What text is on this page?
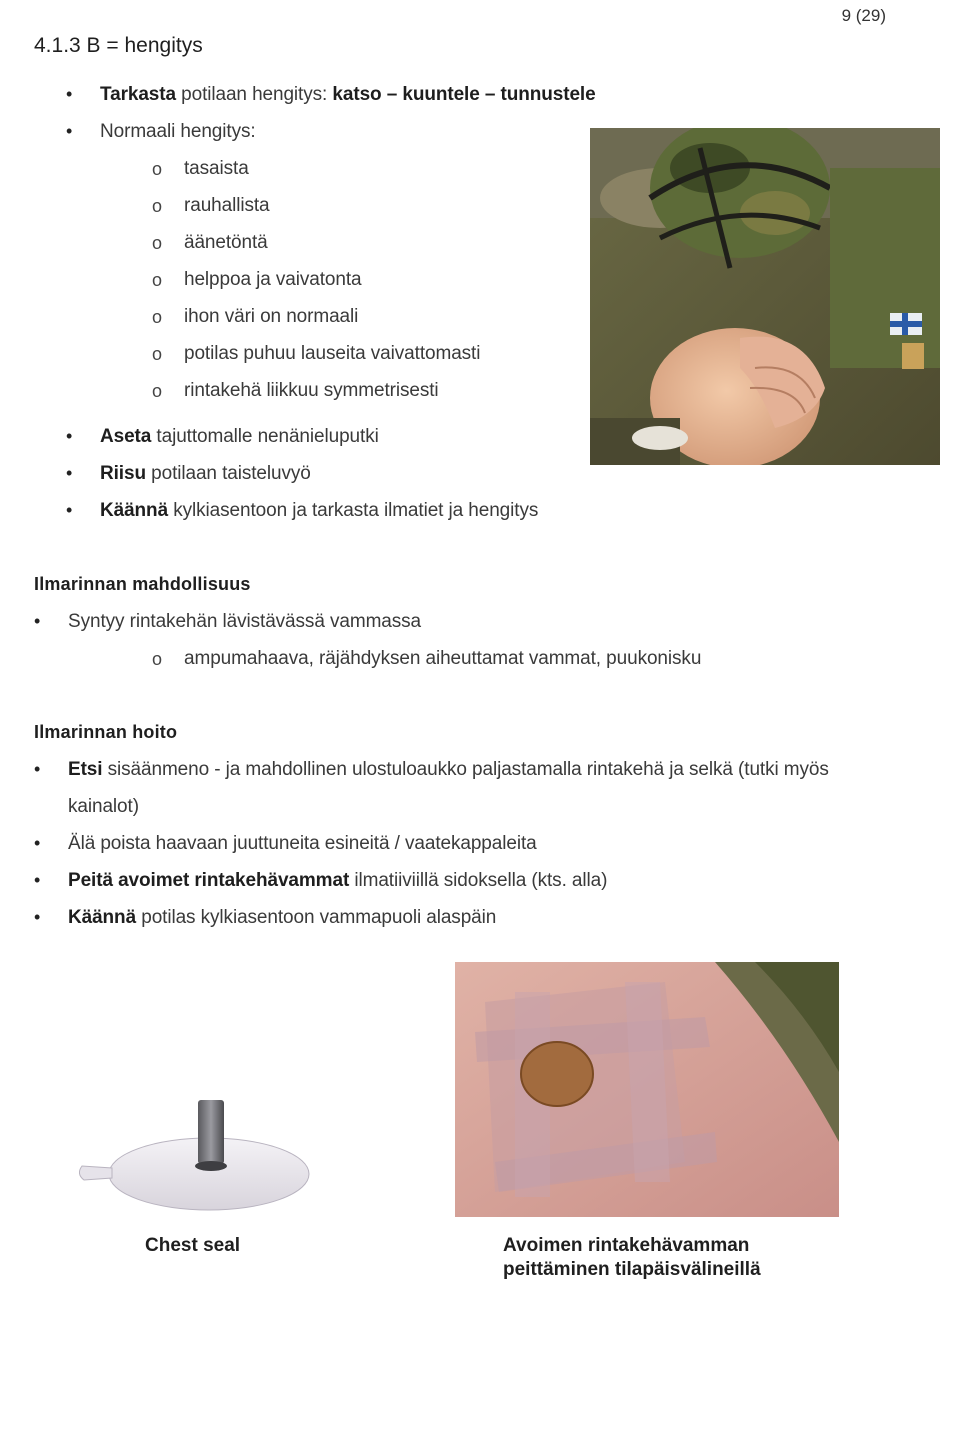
9 (29)
4.1.3 B = hengitys
• Tarkasta potilaan hengitys: katso – kuuntele – tunnustele
• Normaali hengitys:
o tasaista
o rauhallista
o äänetöntä
o helppoa ja vaivatonta
o ihon väri on normaali
o potilas puhuu lauseita vaivattomasti
o rintakehä liikkuu symmetrisesti
• Aseta tajuttomalle nenänieluputki
• Riisu potilaan taisteluvyö
• Käännä kylkiasentoon ja tarkasta ilmatiet ja hengitys
Ilmarinnan mahdollisuus
• Syntyy rintakehän lävistävässä vammassa
o ampumahaava, räjähdyksen aiheuttamat vammat, puukonisku
Ilmarinnan hoito
• Etsi sisäänmeno - ja mahdollinen ulostuloaukko paljastamalla rintakehä ja selkä (tutki myös
kainalot)
• Älä poista haavaan juuttuneita esineitä / vaatekappaleita
• Peitä avoimet rintakehävammat ilmatiiviillä sidoksella (kts. alla)
• Käännä potilas kylkiasentoon vammapuoli alaspäin
Chest seal	Avoimen rintakehävamman
peittäminen tilapäisvälineillä
